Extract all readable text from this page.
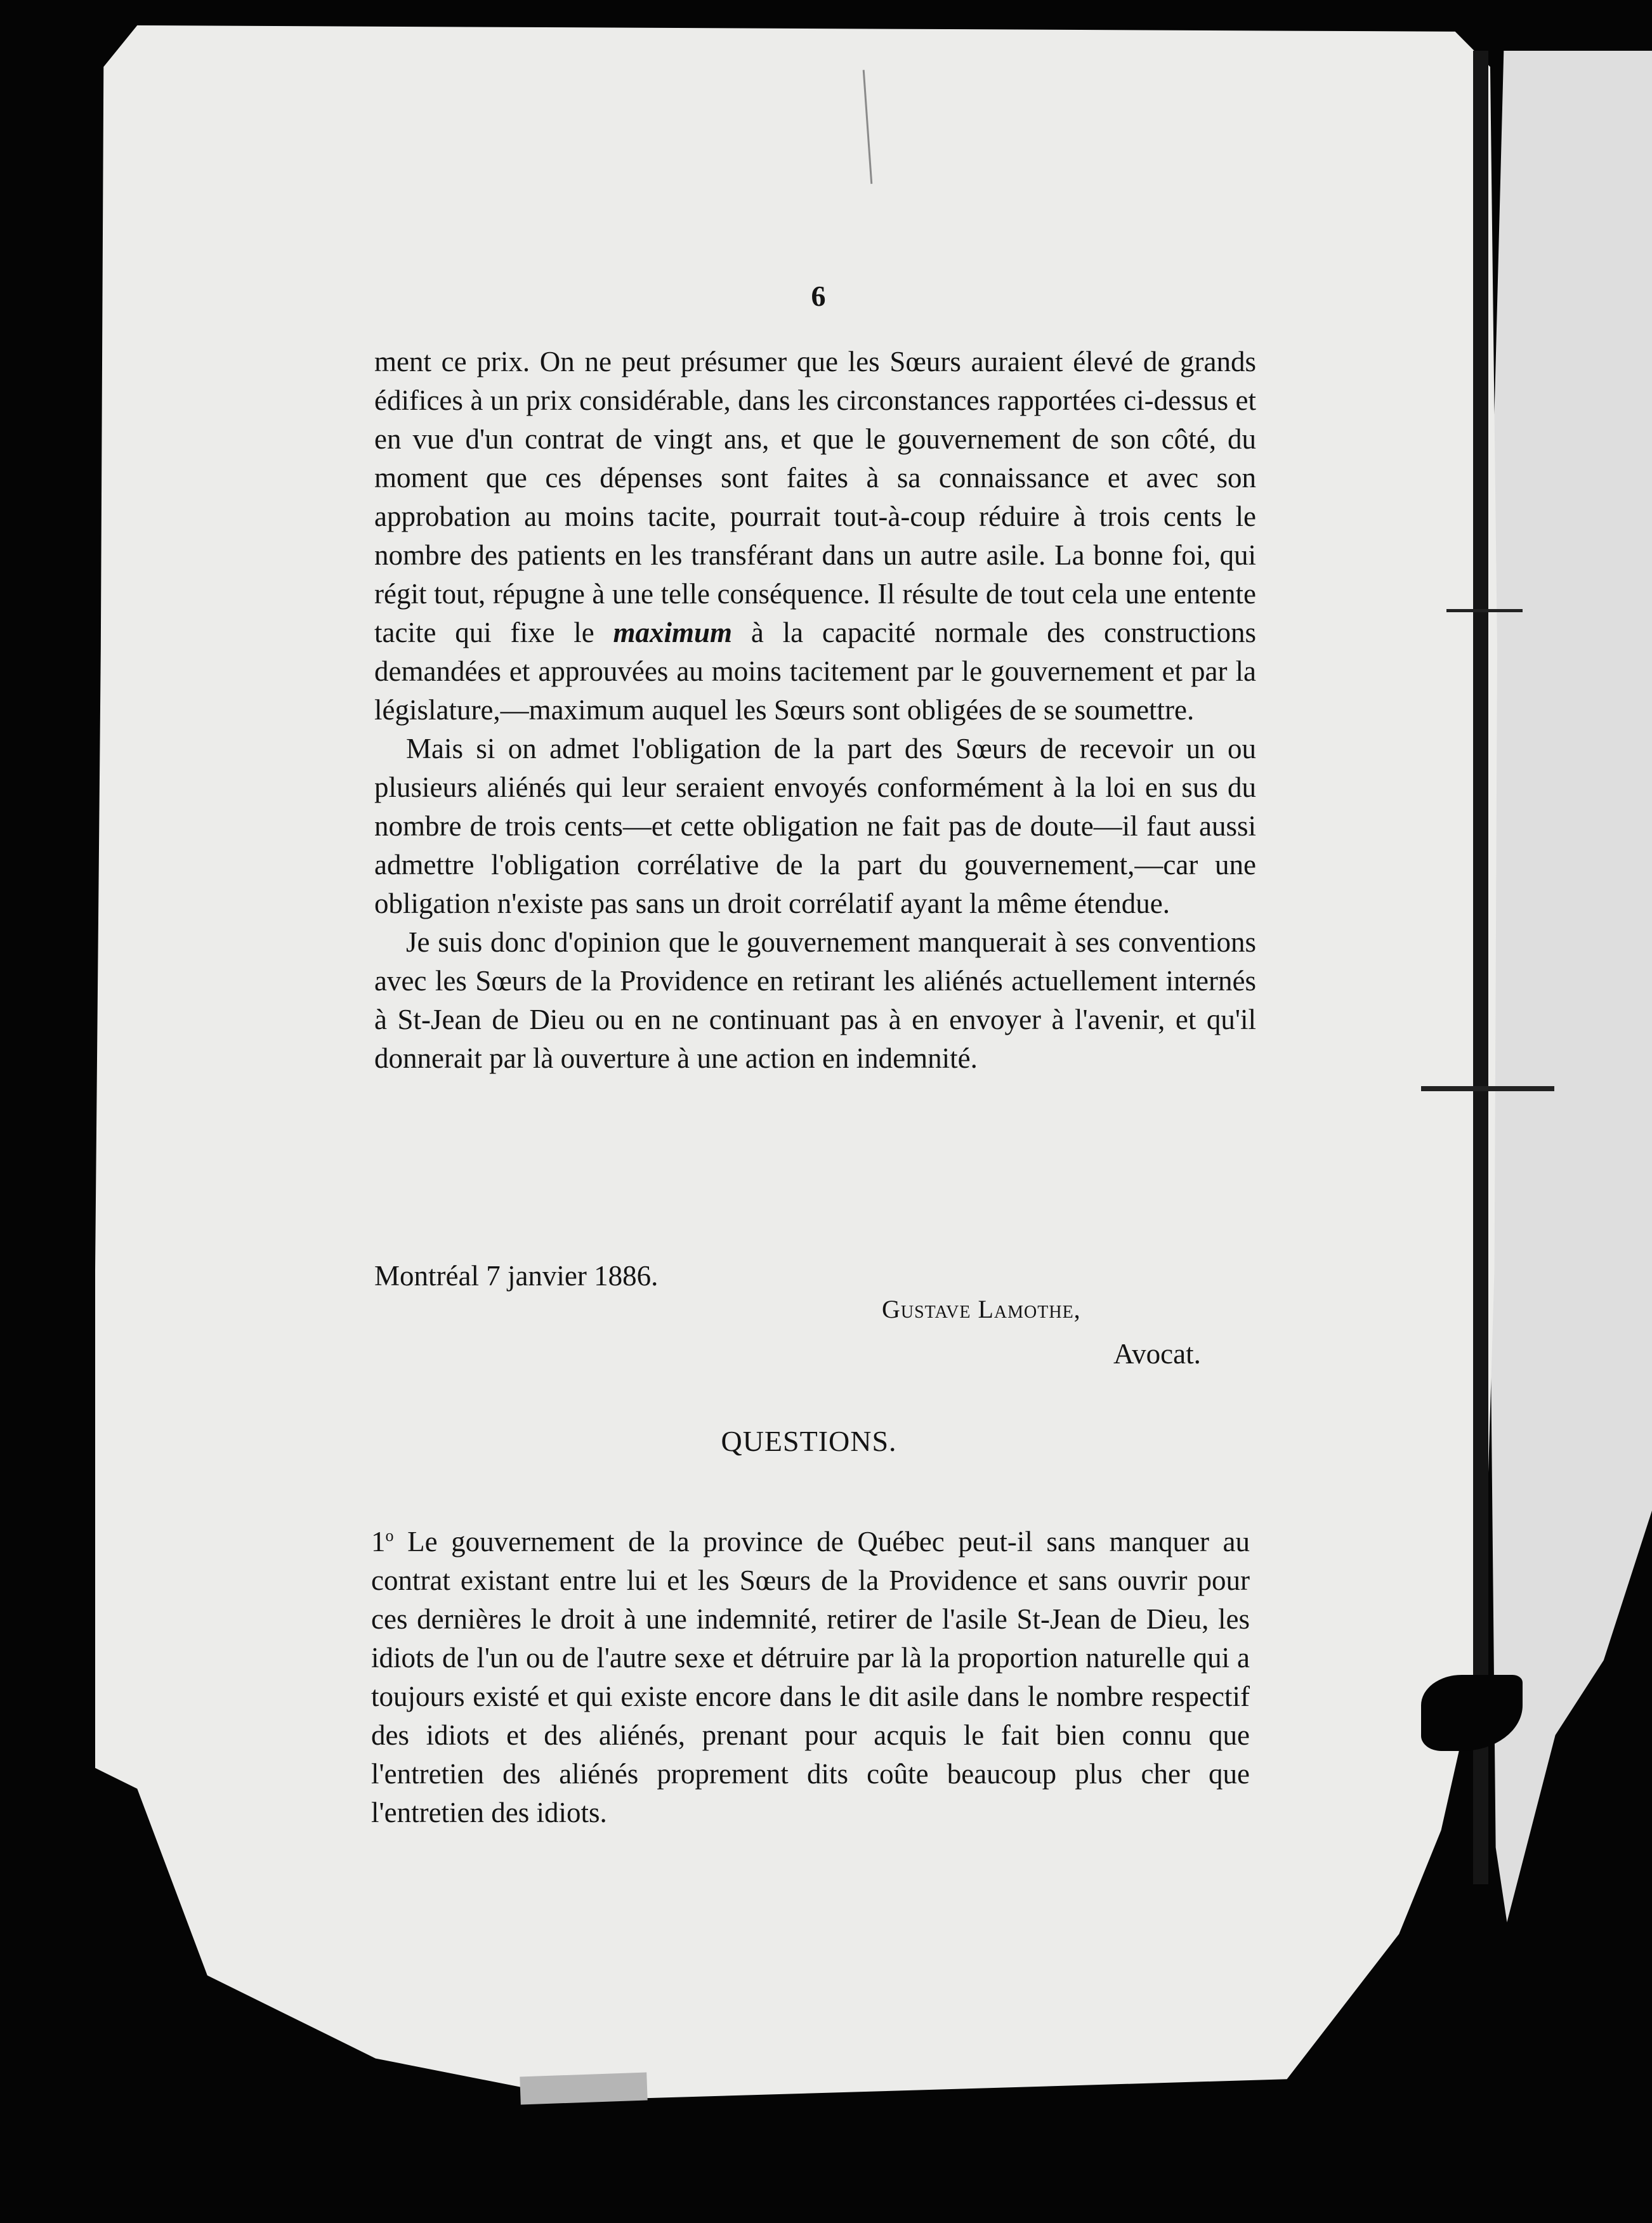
6

ment ce prix. On ne peut présumer que les Sœurs auraient élevé de grands édifices à un prix considérable, dans les circonstances rapportées ci-dessus et en vue d'un contrat de vingt ans, et que le gouvernement de son côté, du moment que ces dépenses sont faites à sa connaissance et avec son approbation au moins tacite, pourrait tout-à-coup réduire à trois cents le nombre des patients en les transférant dans un autre asile. La bonne foi, qui régit tout, répugne à une telle conséquence. Il résulte de tout cela une entente tacite qui fixe le maximum à la capacité normale des constructions demandées et approuvées au moins tacitement par le gouvernement et par la législature,—maximum auquel les Sœurs sont obligées de se soumettre.

Mais si on admet l'obligation de la part des Sœurs de recevoir un ou plusieurs aliénés qui leur seraient envoyés conformément à la loi en sus du nombre de trois cents—et cette obligation ne fait pas de doute—il faut aussi admettre l'obligation corrélative de la part du gouvernement,—car une obligation n'existe pas sans un droit corrélatif ayant la même étendue.

Je suis donc d'opinion que le gouvernement manquerait à ses conventions avec les Sœurs de la Providence en retirant les aliénés actuellement internés à St-Jean de Dieu ou en ne continuant pas à en envoyer à l'avenir, et qu'il donnerait par là ouverture à une action en indemnité.

Montréal 7 janvier 1886.
Gustave Lamothe,
Avocat.
QUESTIONS.
1$^o$ Le gouvernement de la province de Québec peut-il sans manquer au contrat existant entre lui et les Sœurs de la Providence et sans ouvrir pour ces dernières le droit à une indemnité, retirer de l'asile St-Jean de Dieu, les idiots de l'un ou de l'autre sexe et détruire par là la proportion naturelle qui a toujours existé et qui existe encore dans le dit asile dans le nombre respectif des idiots et des aliénés, prenant pour acquis le fait bien connu que l'entretien des aliénés proprement dits coûte beaucoup plus cher que l'entretien des idiots.
